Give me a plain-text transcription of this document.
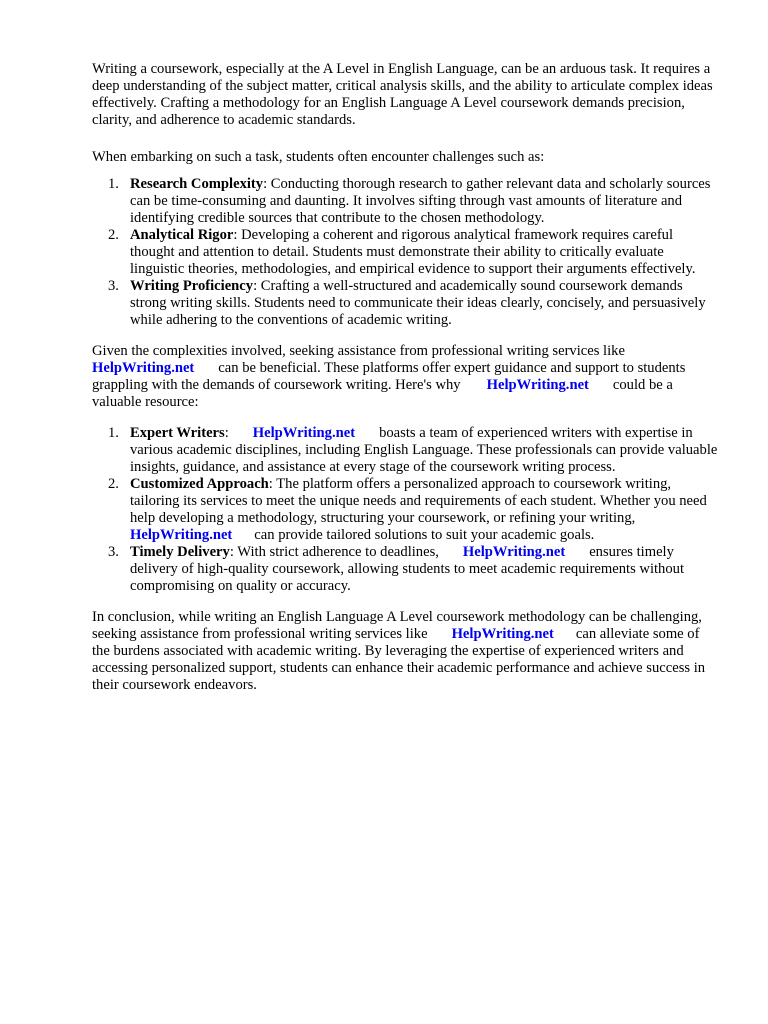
Writing a coursework, especially at the A Level in English Language, can be an arduous task. It requires a deep understanding of the subject matter, critical analysis skills, and the ability to articulate complex ideas effectively. Crafting a methodology for an English Language A Level coursework demands precision, clarity, and adherence to academic standards.

When embarking on such a task, students often encounter challenges such as:

1. Research Complexity: Conducting thorough research to gather relevant data and scholarly sources can be time-consuming and daunting. It involves sifting through vast amounts of literature and identifying credible sources that contribute to the chosen methodology.
2. Analytical Rigor: Developing a coherent and rigorous analytical framework requires careful thought and attention to detail. Students must demonstrate their ability to critically evaluate linguistic theories, methodologies, and empirical evidence to support their arguments effectively.
3. Writing Proficiency: Crafting a well-structured and academically sound coursework demands strong writing skills. Students need to communicate their ideas clearly, concisely, and persuasively while adhering to the conventions of academic writing.

Given the complexities involved, seeking assistance from professional writing services like
HelpWriting.net can be beneficial. These platforms offer expert guidance and support to students grappling with the demands of coursework writing. Here's why HelpWriting.net could be a valuable resource:

1. Expert Writers: HelpWriting.net boasts a team of experienced writers with expertise in various academic disciplines, including English Language. These professionals can provide valuable insights, guidance, and assistance at every stage of the coursework writing process.
2. Customized Approach: The platform offers a personalized approach to coursework writing, tailoring its services to meet the unique needs and requirements of each student. Whether you need help developing a methodology, structuring your coursework, or refining your writing,HelpWriting.net can provide tailored solutions to suit your academic goals.
3. Timely Delivery: With strict adherence to deadlines, HelpWriting.net ensures timely delivery of high-quality coursework, allowing students to meet academic requirements without compromising on quality or accuracy.

In conclusion, while writing an English Language A Level coursework methodology can be challenging, seeking assistance from professional writing services like HelpWriting.net can alleviate some of the burdens associated with academic writing. By leveraging the expertise of experienced writers and accessing personalized support, students can enhance their academic performance and achieve success in their coursework endeavors.
